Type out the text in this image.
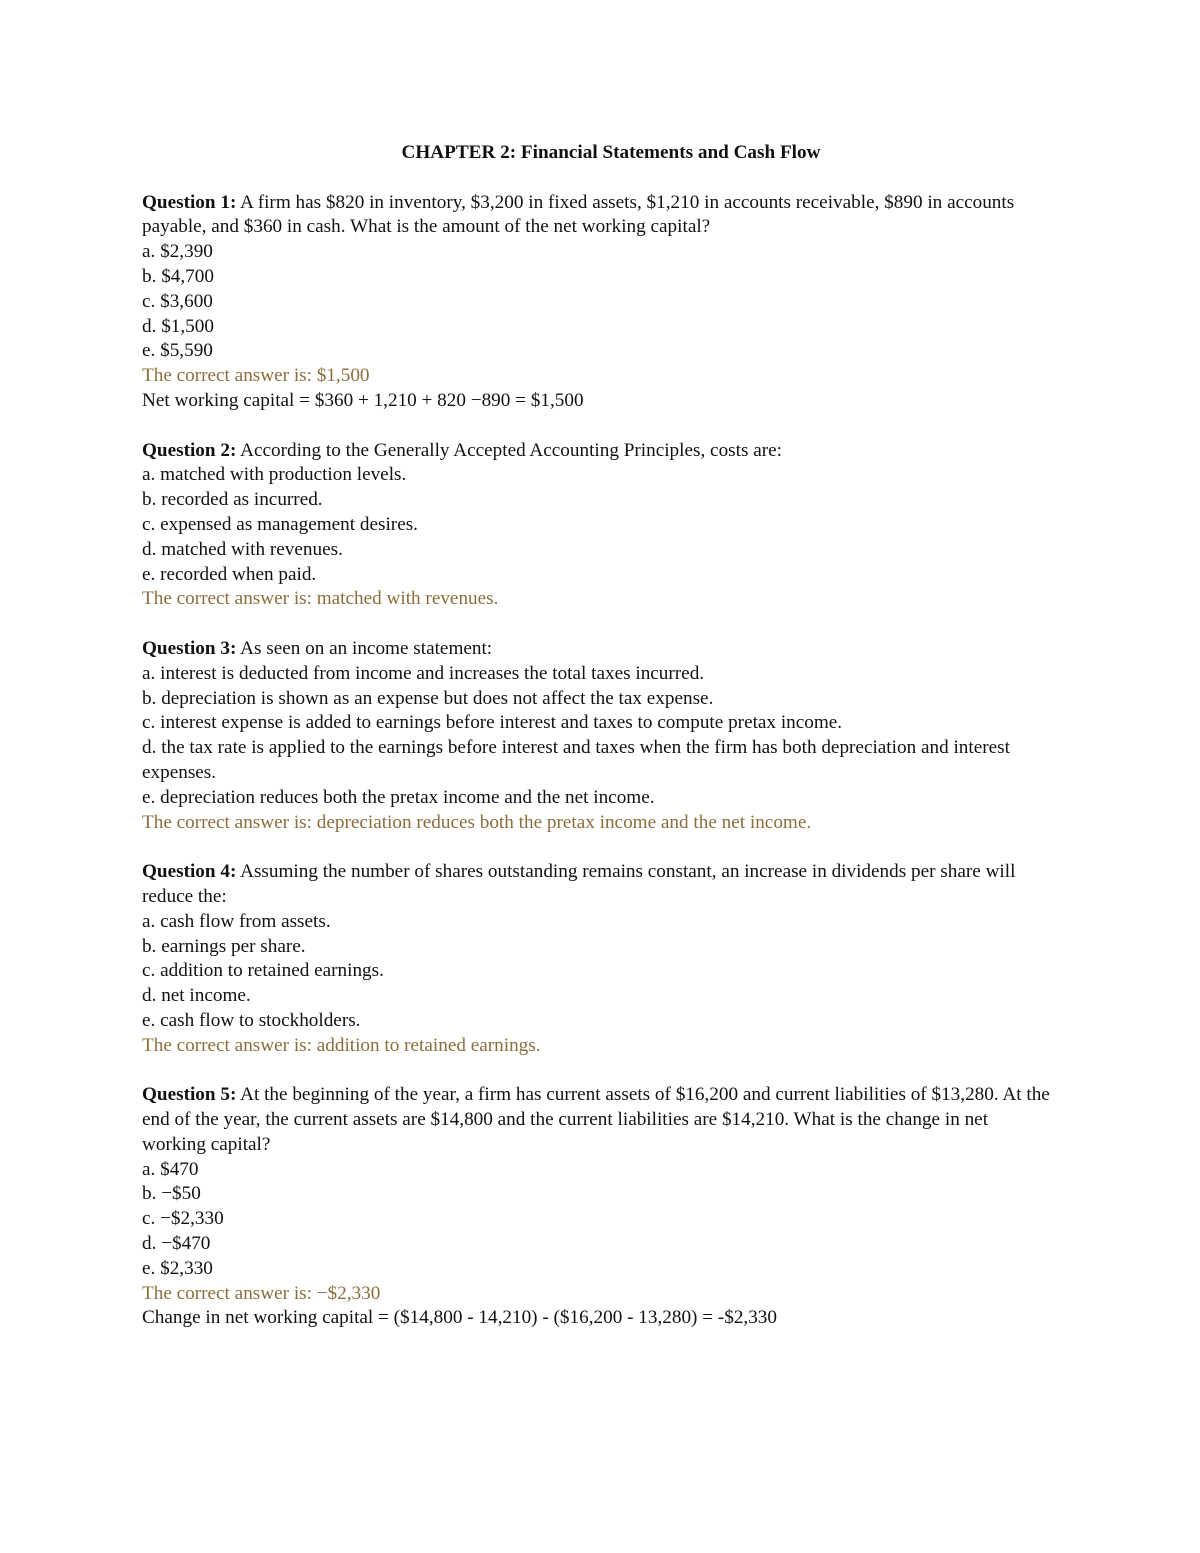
CHAPTER 2: Financial Statements and Cash Flow

Question 1: A firm has $820 in inventory, $3,200 in fixed assets, $1,210 in accounts receivable, $890 in accounts payable, and $360 in cash. What is the amount of the net working capital?

a. $2,390

b. $4,700

c. $3,600

d. $1,500

e. $5,590

The correct answer is: $1,500

Net working capital = $360 + 1,210 + 820 −890 = $1,500

Question 2: According to the Generally Accepted Accounting Principles, costs are:

a. matched with production levels.

b. recorded as incurred.

c. expensed as management desires.

d. matched with revenues.

e. recorded when paid.

The correct answer is: matched with revenues.

Question 3: As seen on an income statement:

a. interest is deducted from income and increases the total taxes incurred.

b. depreciation is shown as an expense but does not affect the tax expense.

c. interest expense is added to earnings before interest and taxes to compute pretax income.

d. the tax rate is applied to the earnings before interest and taxes when the firm has both depreciation and interest expenses.

e. depreciation reduces both the pretax income and the net income.

The correct answer is: depreciation reduces both the pretax income and the net income.

Question 4: Assuming the number of shares outstanding remains constant, an increase in dividends per share will reduce the:

a. cash flow from assets.

b. earnings per share.

c. addition to retained earnings.

d. net income.

e. cash flow to stockholders.

The correct answer is: addition to retained earnings.

Question 5: At the beginning of the year, a firm has current assets of $16,200 and current liabilities of $13,280. At the end of the year, the current assets are $14,800 and the current liabilities are $14,210. What is the change in net working capital?

a. $470

b. −$50

c. −$2,330

d. −$470

e. $2,330

The correct answer is: −$2,330

Change in net working capital = ($14,800 - 14,210) - ($16,200 - 13,280) = -$2,330
